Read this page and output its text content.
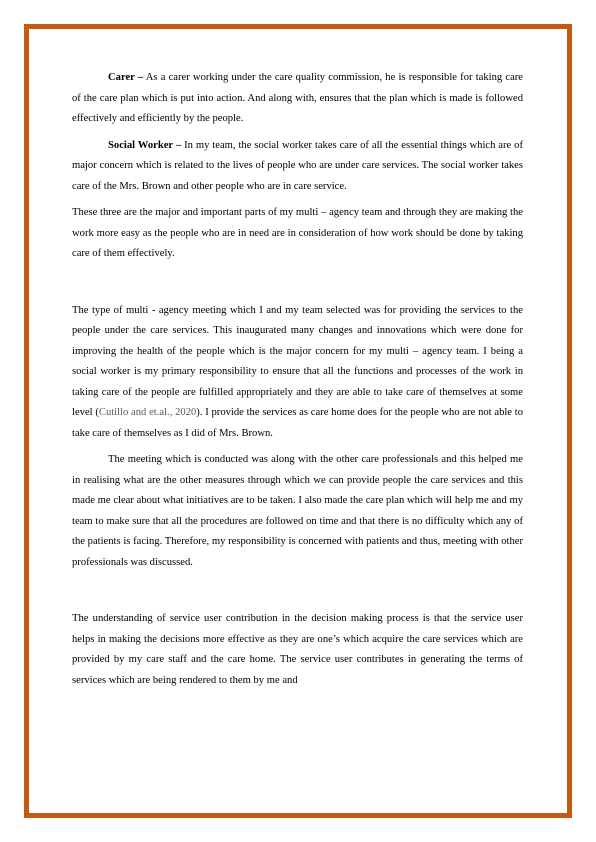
Carer – As a carer working under the care quality commission, he is responsible for taking care of the care plan which is put into action. And along with, ensures that the plan which is made is followed effectively and efficiently by the people.

Social Worker – In my team, the social worker takes care of all the essential things which are of major concern which is related to the lives of people who are under care services. The social worker takes care of the Mrs. Brown and other people who are in care service.

These three are the major and important parts of my multi – agency team and through they are making the work more easy as the people who are in need are in consideration of how work should be done by taking care of them effectively.

The type of multi - agency meeting which I and my team selected was for providing the services to the people under the care services. This inaugurated many changes and innovations which were done for improving the health of the people which is the major concern for my multi – agency team. I being a social worker is my primary responsibility to ensure that all the functions and processes of the work in taking care of the people are fulfilled appropriately and they are able to take care of themselves at some level (Cutillo and et.al., 2020). I provide the services as care home does for the people who are not able to take care of themselves as I did of Mrs. Brown.

The meeting which is conducted was along with the other care professionals and this helped me in realising what are the other measures through which we can provide people the care services and this made me clear about what initiatives are to be taken. I also made the care plan which will help me and my team to make sure that all the procedures are followed on time and that there is no difficulty which any of the patients is facing. Therefore, my responsibility is concerned with patients and thus, meeting with other professionals was discussed.

The understanding of service user contribution in the decision making process is that the service user helps in making the decisions more effective as they are one’s which acquire the care services which are provided by my care staff and the care home. The service user contributes in generating the terms of services which are being rendered to them by me and
